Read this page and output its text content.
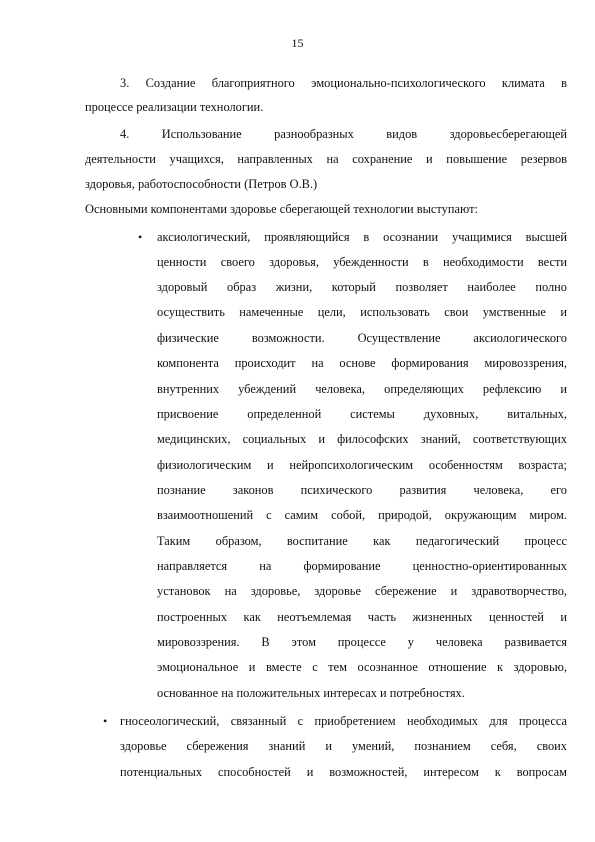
15
3. Создание благоприятного эмоционально-психологического климата в
процессе реализации технологии.
4. Использование разнообразных видов здоровьесберегающей
деятельности учащихся, направленных на сохранение и повышение резервов
здоровья, работоспособности (Петров О.В.)
Основными компонентами здоровье сберегающей технологии выступают:
• аксиологический, проявляющийся в осознании учащимися высшей
ценности своего здоровья, убежденности в необходимости вести
здоровый образ жизни, который позволяет наиболее полно
осуществить намеченные цели, использовать свои умственные и
физические возможности. Осуществление аксиологического
компонента происходит на основе формирования мировоззрения,
внутренних убеждений человека, определяющих рефлексию и
присвоение определенной системы духовных, витальных,
медицинских, социальных и философских знаний, соответствующих
физиологическим и нейропсихологическим особенностям возраста;
познание законов психического развития человека, его
взаимоотношений с самим собой, природой, окружающим миром.
Таким образом, воспитание как педагогический процесс
направляется на формирование ценностно-ориентированных
установок на здоровье, здоровье сбережение и здравотворчество,
построенных как неотъемлемая часть жизненных ценностей и
мировоззрения. В этом процессе у человека развивается
эмоциональное и вместе с тем осознанное отношение к здоровью,
основанное на положительных интересах и потребностях.
• гносеологический, связанный с приобретением необходимых для процесса
здоровье сбережения знаний и умений, познанием себя, своих
потенциальных способностей и возможностей, интересом к вопросам
